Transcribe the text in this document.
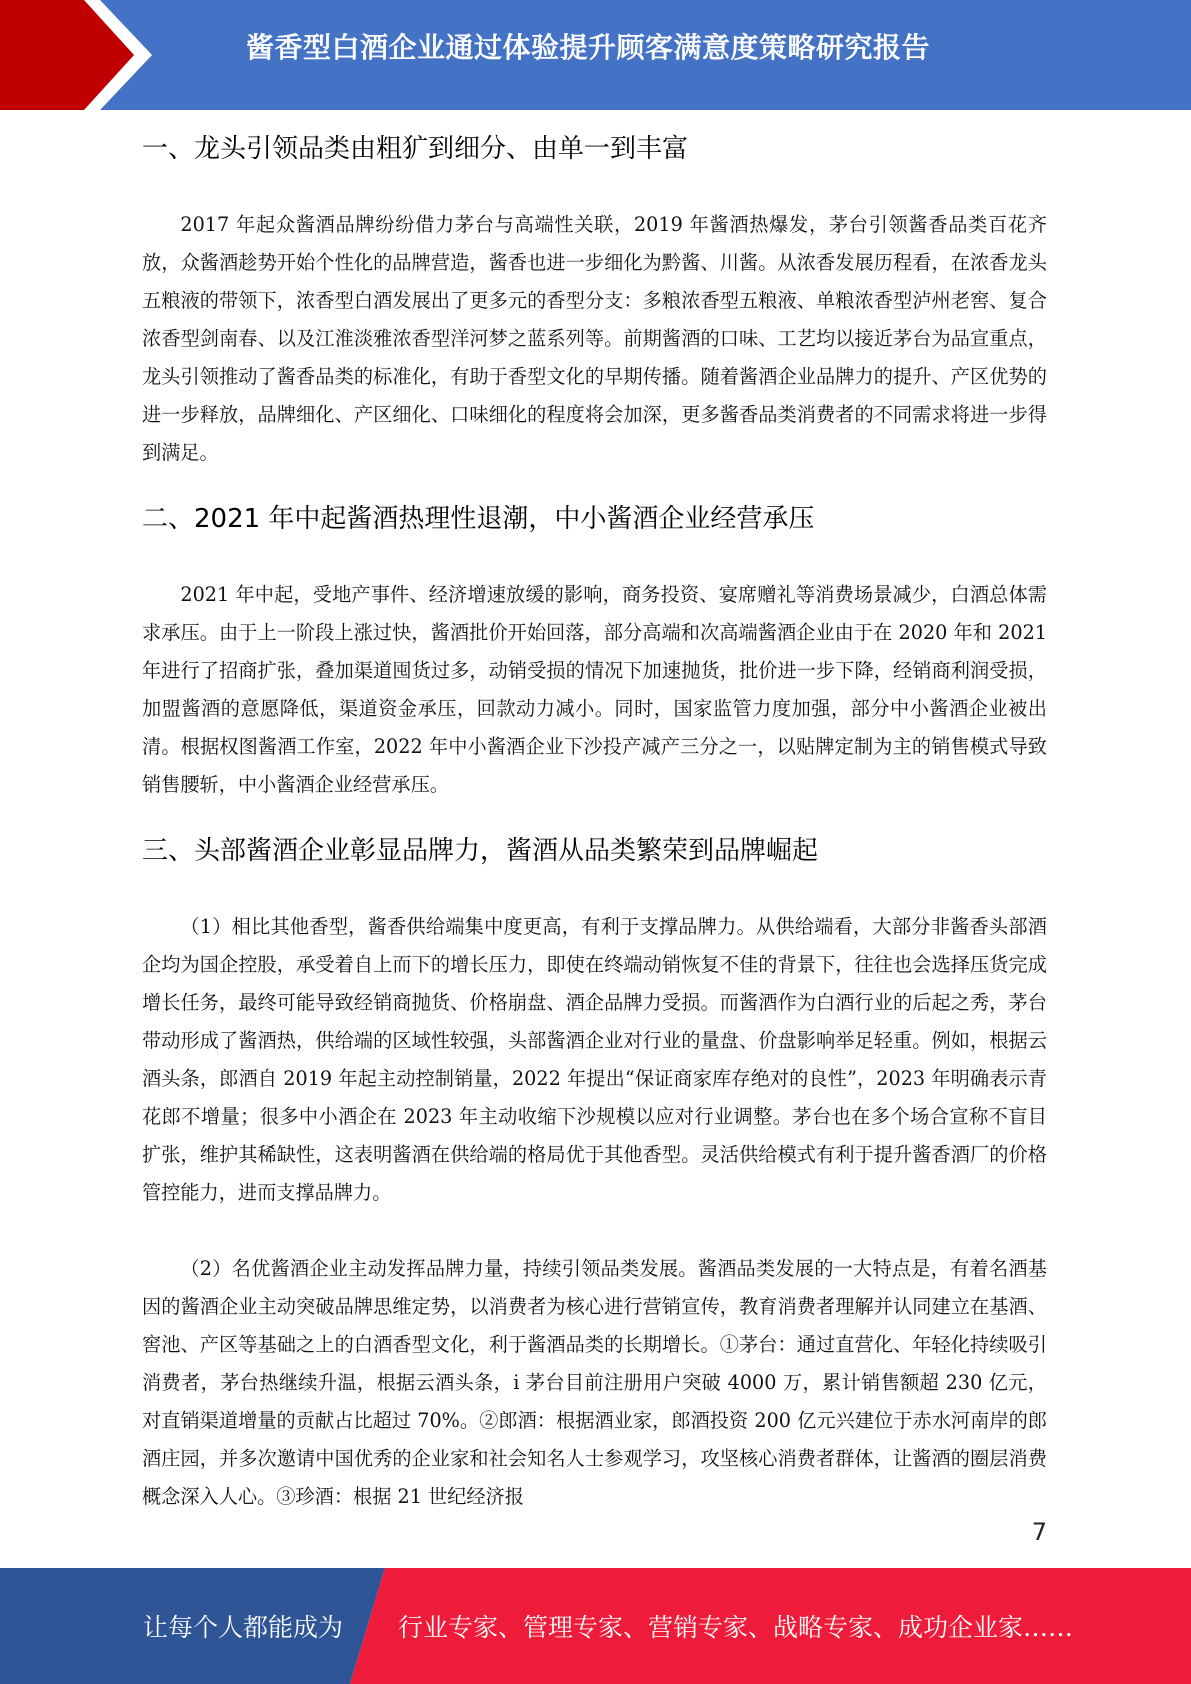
酱香型白酒企业通过体验提升顾客满意度策略研究报告
一、龙头引领品类由粗犷到细分、由单一到丰富

2017 年起众酱酒品牌纷纷借力茅台与高端性关联，2019 年酱酒热爆发，茅台引领酱香品类百花齐放，众酱酒趁势开始个性化的品牌营造，酱香也进一步细化为黔酱、川酱。从浓香发展历程看，在浓香龙头五粮液的带领下，浓香型白酒发展出了更多元的香型分支：多粮浓香型五粮液、单粮浓香型泸州老窖、复合浓香型剑南春、以及江淮淡雅浓香型洋河梦之蓝系列等。前期酱酒的口味、工艺均以接近茅台为品宣重点，龙头引领推动了酱香品类的标准化，有助于香型文化的早期传播。随着酱酒企业品牌力的提升、产区优势的进一步释放，品牌细化、产区细化、口味细化的程度将会加深，更多酱香品类消费者的不同需求将进一步得到满足。

二、2021 年中起酱酒热理性退潮，中小酱酒企业经营承压

2021 年中起，受地产事件、经济增速放缓的影响，商务投资、宴席赠礼等消费场景减少，白酒总体需求承压。由于上一阶段上涨过快，酱酒批价开始回落，部分高端和次高端酱酒企业由于在 2020 年和 2021 年进行了招商扩张，叠加渠道囤货过多，动销受损的情况下加速抛货，批价进一步下降，经销商利润受损，加盟酱酒的意愿降低，渠道资金承压，回款动力减小。同时，国家监管力度加强，部分中小酱酒企业被出清。根据权图酱酒工作室，2022 年中小酱酒企业下沙投产减产三分之一，以贴牌定制为主的销售模式导致销售腰斩，中小酱酒企业经营承压。

三、头部酱酒企业彰显品牌力，酱酒从品类繁荣到品牌崛起

（1）相比其他香型，酱香供给端集中度更高，有利于支撑品牌力。从供给端看，大部分非酱香头部酒企均为国企控股，承受着自上而下的增长压力，即使在终端动销恢复不佳的背景下，往往也会选择压货完成增长任务，最终可能导致经销商抛货、价格崩盘、酒企品牌力受损。而酱酒作为白酒行业的后起之秀，茅台带动形成了酱酒热，供给端的区域性较强，头部酱酒企业对行业的量盘、价盘影响举足轻重。例如，根据云酒头条，郎酒自 2019 年起主动控制销量，2022 年提出“保证商家库存绝对的良性”，2023 年明确表示青花郎不增量；很多中小酒企在 2023 年主动收缩下沙规模以应对行业调整。茅台也在多个场合宣称不盲目扩张，维护其稀缺性，这表明酱酒在供给端的格局优于其他香型。灵活供给模式有利于提升酱香酒厂的价格管控能力，进而支撑品牌力。

（2）名优酱酒企业主动发挥品牌力量，持续引领品类发展。酱酒品类发展的一大特点是，有着名酒基因的酱酒企业主动突破品牌思维定势，以消费者为核心进行营销宣传，教育消费者理解并认同建立在基酒、窖池、产区等基础之上的白酒香型文化，利于酱酒品类的长期增长。①茅台：通过直营化、年轻化持续吸引消费者，茅台热继续升温，根据云酒头条，i 茅台目前注册用户突破 4000 万，累计销售额超 230 亿元，对直销渠道增量的贡献占比超过 70%。②郎酒：根据酒业家，郎酒投资 200 亿元兴建位于赤水河南岸的郎酒庄园，并多次邀请中国优秀的企业家和社会知名人士参观学习，攻坚核心消费者群体，让酱酒的圈层消费概念深入人心。③珍酒：根据 21 世纪经济报

7
让每个人都能成为 行业专家、管理专家、营销专家、战略专家、成功企业家……
